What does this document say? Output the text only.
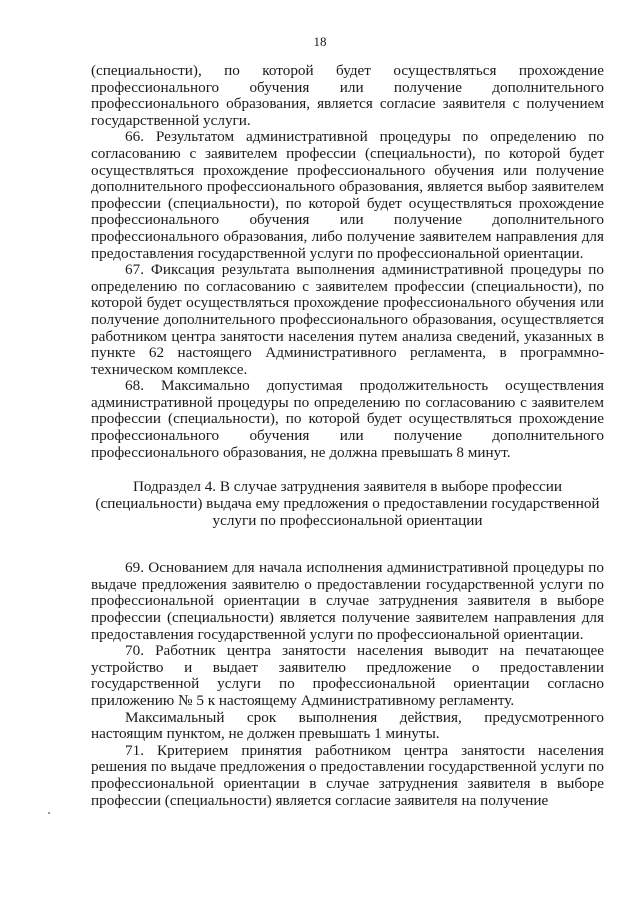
18

(специальности), по которой будет осуществляться прохождение профессионального обучения или получение дополнительного профессионального образования, является согласие заявителя с получением государственной услуги.

66. Результатом административной процедуры по определению по согласованию с заявителем профессии (специальности), по которой будет осуществляться прохождение профессионального обучения или получение дополнительного профессионального образования, является выбор заявителем профессии (специальности), по которой будет осуществляться прохождение профессионального обучения или получение дополнительного профессионального образования, либо получение заявителем направления для предоставления государственной услуги по профессиональной ориентации.

67. Фиксация результата выполнения административной процедуры по определению по согласованию с заявителем профессии (специальности), по которой будет осуществляться прохождение профессионального обучения или получение дополнительного профессионального образования, осуществляется работником центра занятости населения путем анализа сведений, указанных в пункте 62 настоящего Административного регламента, в программно-техническом комплексе.

68. Максимально допустимая продолжительность осуществления административной процедуры по определению по согласованию с заявителем профессии (специальности), по которой будет осуществляться прохождение профессионального обучения или получение дополнительного профессионального образования, не должна превышать 8 минут.

Подраздел 4. В случае затруднения заявителя в выборе профессии
(специальности) выдача ему предложения о предоставлении государственной
услуги по профессиональной ориентации

69. Основанием для начала исполнения административной процедуры по выдаче предложения заявителю о предоставлении государственной услуги по профессиональной ориентации в случае затруднения заявителя в выборе профессии (специальности) является получение заявителем направления для предоставления государственной услуги по профессиональной ориентации.

70. Работник центра занятости населения выводит на печатающее устройство и выдает заявителю предложение о предоставлении государственной услуги по профессиональной ориентации согласно приложению № 5 к настоящему Административному регламенту.

Максимальный срок выполнения действия, предусмотренного настоящим пунктом, не должен превышать 1 минуты.

71. Критерием принятия работником центра занятости населения решения по выдаче предложения о предоставлении государственной услуги по профессиональной ориентации в случае затруднения заявителя в выборе профессии (специальности) является согласие заявителя на получение
